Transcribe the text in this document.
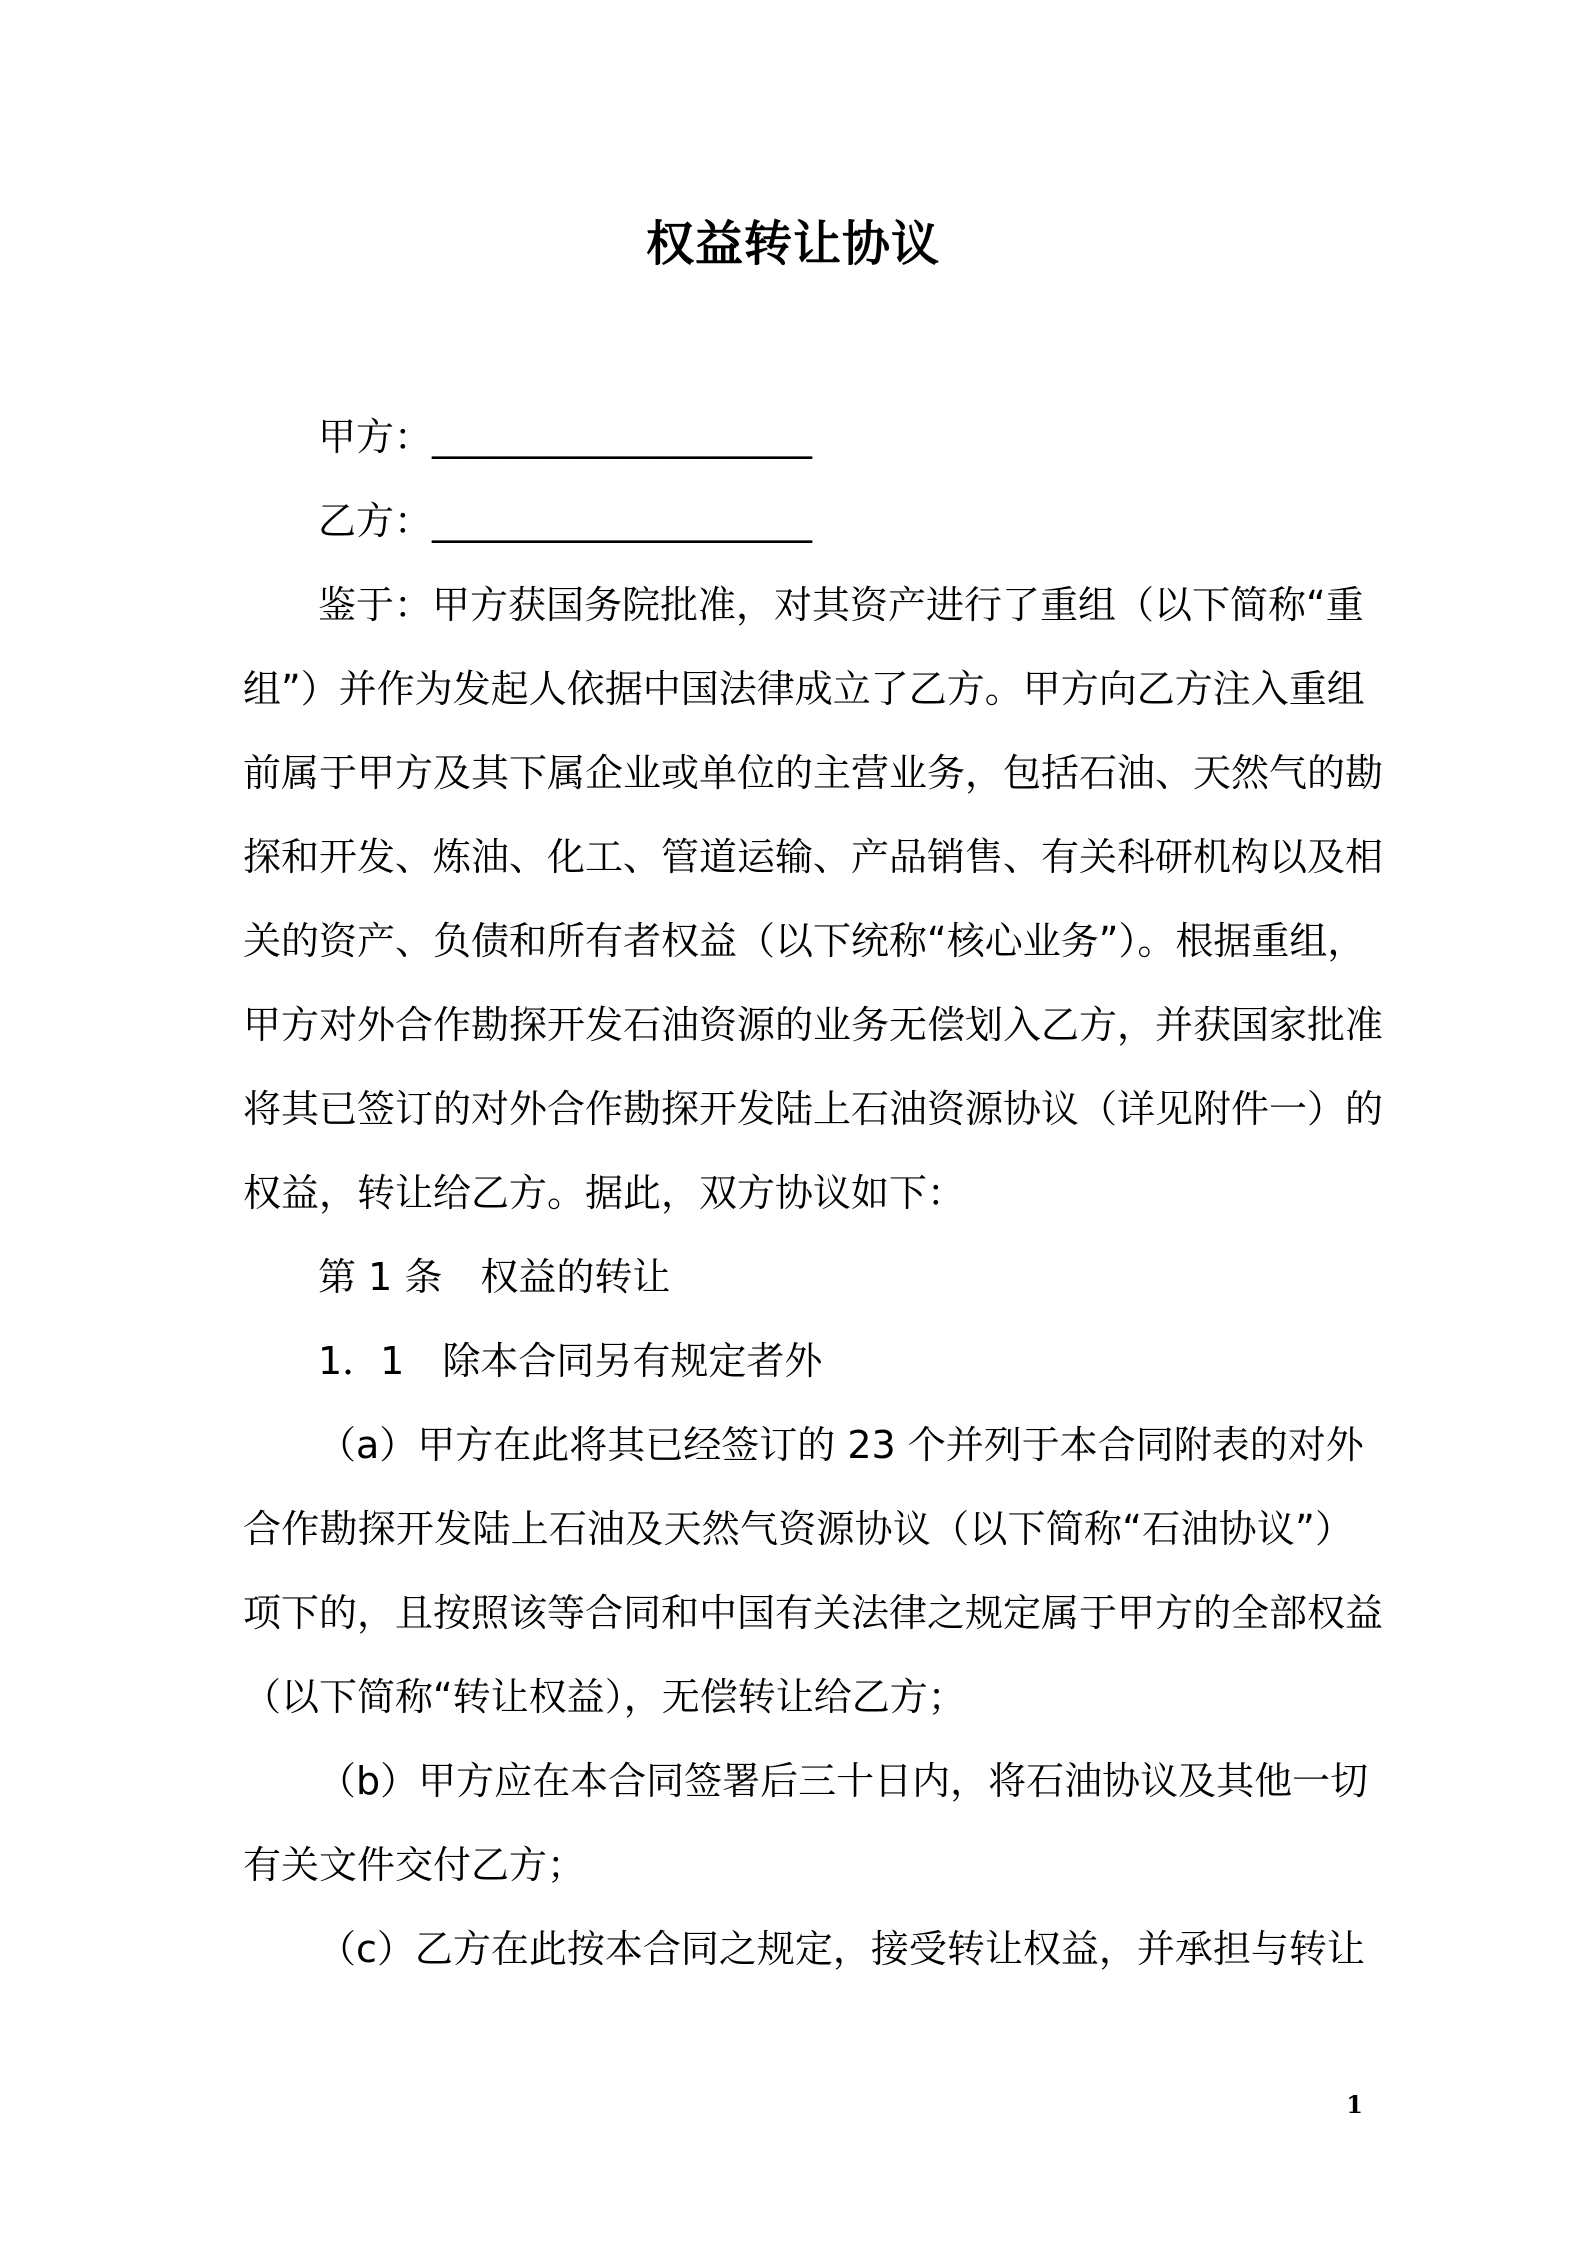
权益转让协议
甲方：____________________
乙方：____________________
鉴于：甲方获国务院批准，对其资产进行了重组（以下简称“重
组”）并作为发起人依据中国法律成立了乙方。甲方向乙方注入重组
前属于甲方及其下属企业或单位的主营业务，包括石油、天然气的勘
探和开发、炼油、化工、管道运输、产品销售、有关科研机构以及相
关的资产、负债和所有者权益（以下统称“核心业务”）。根据重组，
甲方对外合作勘探开发石油资源的业务无偿划入乙方，并获国家批准
将其已签订的对外合作勘探开发陆上石油资源协议（详见附件一）的
权益，转让给乙方。据此，双方协议如下：
第 1 条　权益的转让
1．1　除本合同另有规定者外
（a）甲方在此将其已经签订的 23 个并列于本合同附表的对外
合作勘探开发陆上石油及天然气资源协议（以下简称“石油协议”）
项下的，且按照该等合同和中国有关法律之规定属于甲方的全部权益
（以下简称“转让权益），无偿转让给乙方；
（b）甲方应在本合同签署后三十日内，将石油协议及其他一切
有关文件交付乙方；
（c）乙方在此按本合同之规定，接受转让权益，并承担与转让
1
